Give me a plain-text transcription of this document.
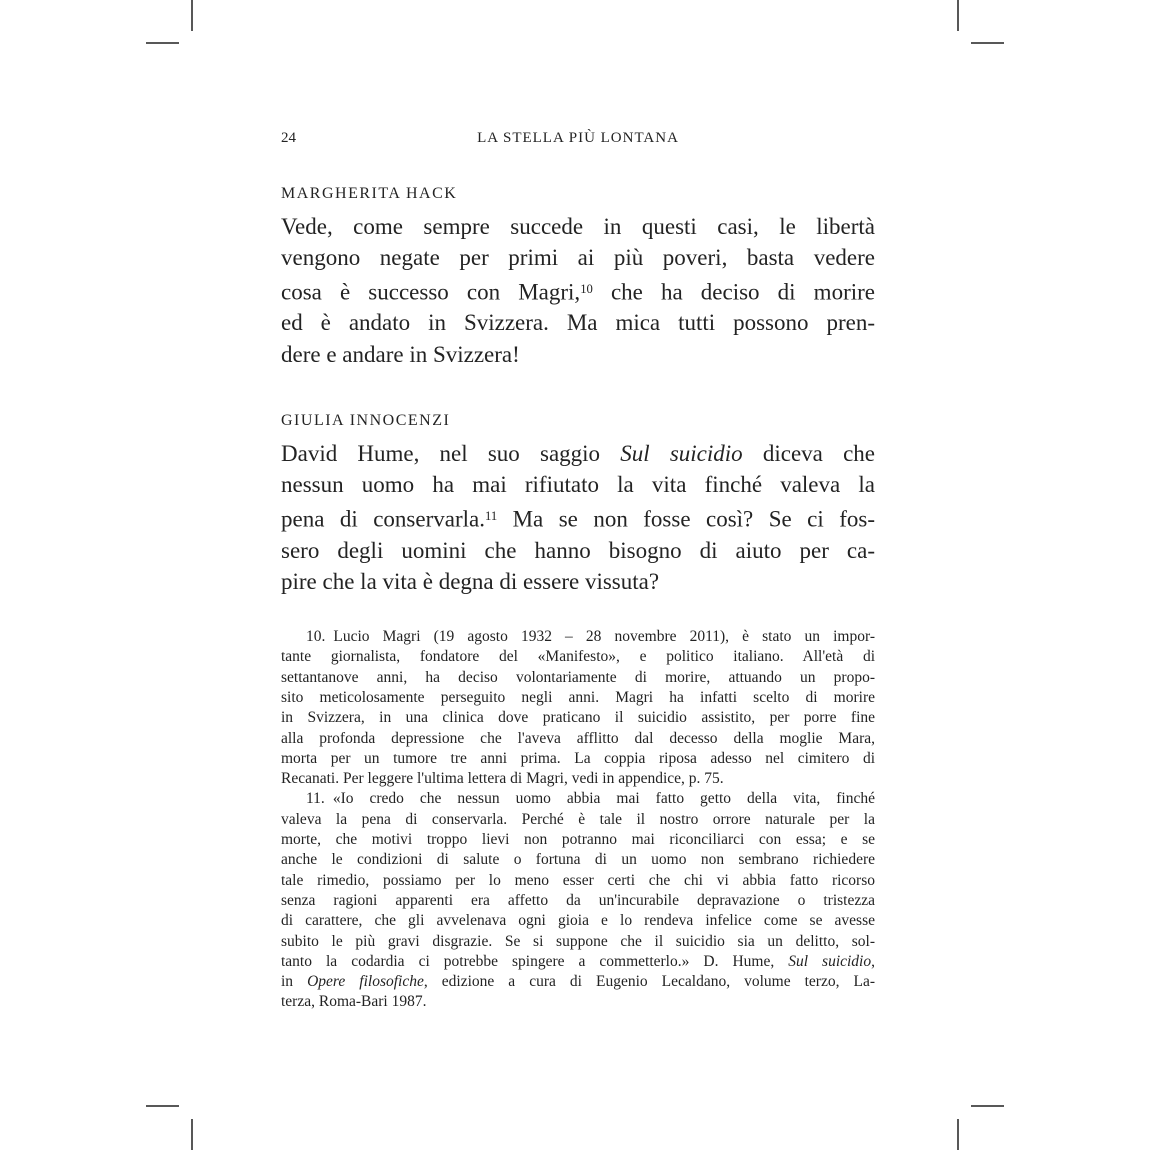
24	LA STELLA PIÙ LONTANA
MARGHERITA HACK
Vede, come sempre succede in questi casi, le libertà
vengono negate per primi ai più poveri, basta vedere
cosa è successo con Magri,$^{10}$ che ha deciso di morire
ed è andato in Svizzera. Ma mica tutti possono pren-
dere e andare in Svizzera!
GIULIA INNOCENZI
David Hume, nel suo saggio Sul suicidio diceva che
nessun uomo ha mai rifiutato la vita finché valeva la
pena di conservarla.$^{11}$ Ma se non fosse così? Se ci fos-
sero degli uomini che hanno bisogno di aiuto per ca-
pire che la vita è degna di essere vissuta?
10. Lucio Magri (19 agosto 1932 – 28 novembre 2011), è stato un impor-
tante giornalista, fondatore del «Manifesto», e politico italiano. All'età di
settantanove anni, ha deciso volontariamente di morire, attuando un propo-
sito meticolosamente perseguito negli anni. Magri ha infatti scelto di morire
in Svizzera, in una clinica dove praticano il suicidio assistito, per porre fine
alla profonda depressione che l'aveva afflitto dal decesso della moglie Mara,
morta per un tumore tre anni prima. La coppia riposa adesso nel cimitero di
Recanati. Per leggere l'ultima lettera di Magri, vedi in appendice, p. 75.
11. «Io credo che nessun uomo abbia mai fatto getto della vita, finché
valeva la pena di conservarla. Perché è tale il nostro orrore naturale per la
morte, che motivi troppo lievi non potranno mai riconciliarci con essa; e se
anche le condizioni di salute o fortuna di un uomo non sembrano richiedere
tale rimedio, possiamo per lo meno esser certi che chi vi abbia fatto ricorso
senza ragioni apparenti era affetto da un'incurabile depravazione o tristezza
di carattere, che gli avvelenava ogni gioia e lo rendeva infelice come se avesse
subito le più gravi disgrazie. Se si suppone che il suicidio sia un delitto, sol-
tanto la codardia ci potrebbe spingere a commetterlo.» D. Hume, Sul suicidio,
in Opere filosofiche, edizione a cura di Eugenio Lecaldano, volume terzo, La-
terza, Roma-Bari 1987.
